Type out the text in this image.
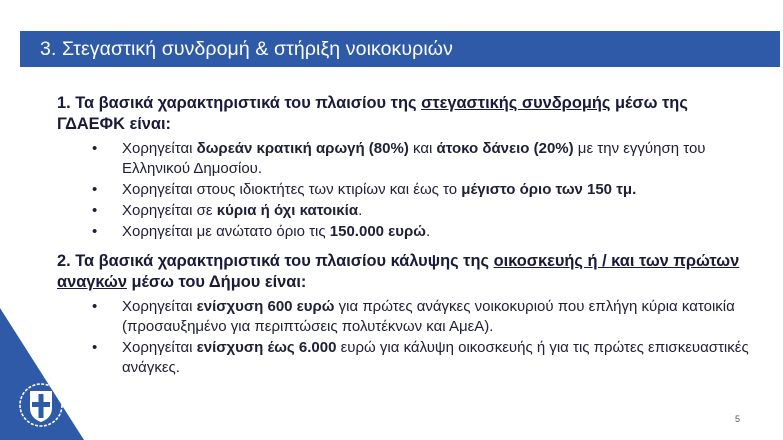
3. Στεγαστική συνδρομή & στήριξη νοικοκυριών

1. Τα βασικά χαρακτηριστικά του πλαισίου της στεγαστικής συνδρομής μέσω της ΓΔΑΕΦΚ είναι:

• Χορηγείται δωρεάν κρατική αρωγή (80%) και άτοκο δάνειο (20%) με την εγγύηση του Ελληνικού Δημοσίου.
• Χορηγείται στους ιδιοκτήτες των κτιρίων και έως το μέγιστο όριο των 150 τμ.
• Χορηγείται σε κύρια ή όχι κατοικία.
• Χορηγείται με ανώτατο όριο τις 150.000 ευρώ.

2. Τα βασικά χαρακτηριστικά του πλαισίου κάλυψης της οικοσκευής ή / και των πρώτων αναγκών μέσω του Δήμου είναι:

• Χορηγείται ενίσχυση 600 ευρώ για πρώτες ανάγκες νοικοκυριού που επλήγη κύρια κατοικία (προσαυξημένο για περιπτώσεις πολυτέκνων και ΑμεΑ).
• Χορηγείται ενίσχυση έως 6.000 ευρώ για κάλυψη οικοσκευής ή για τις πρώτες επισκευαστικές ανάγκες.
5
